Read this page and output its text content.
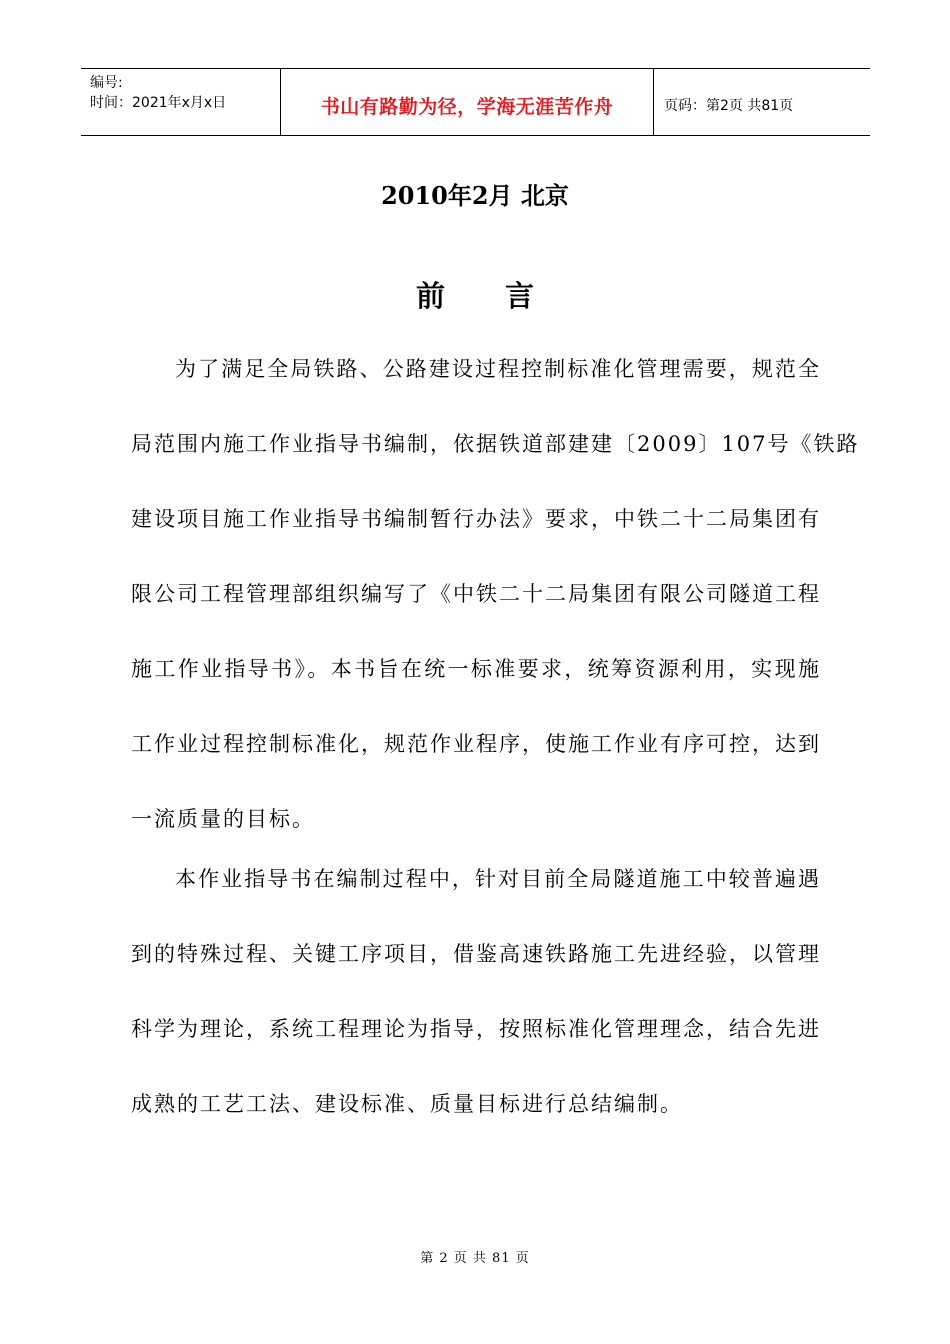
编号:
时间：2021年x月x日	书山有路勤为径，学海无涯苦作舟	页码：第2页 共81页
2010年2月 北京
前言
为了满足全局铁路、公路建设过程控制标准化管理需要，规范全
局范围内施工作业指导书编制，依据铁道部建建〔2009〕107号《铁路
建设项目施工作业指导书编制暂行办法》要求，中铁二十二局集团有
限公司工程管理部组织编写了《中铁二十二局集团有限公司隧道工程
施工作业指导书》。本书旨在统一标准要求，统筹资源利用，实现施
工作业过程控制标准化，规范作业程序，使施工作业有序可控，达到
一流质量的目标。
本作业指导书在编制过程中，针对目前全局隧道施工中较普遍遇
到的特殊过程、关键工序项目，借鉴高速铁路施工先进经验，以管理
科学为理论，系统工程理论为指导，按照标准化管理理念，结合先进
成熟的工艺工法、建设标准、质量目标进行总结编制。
第 2 页 共 81 页
